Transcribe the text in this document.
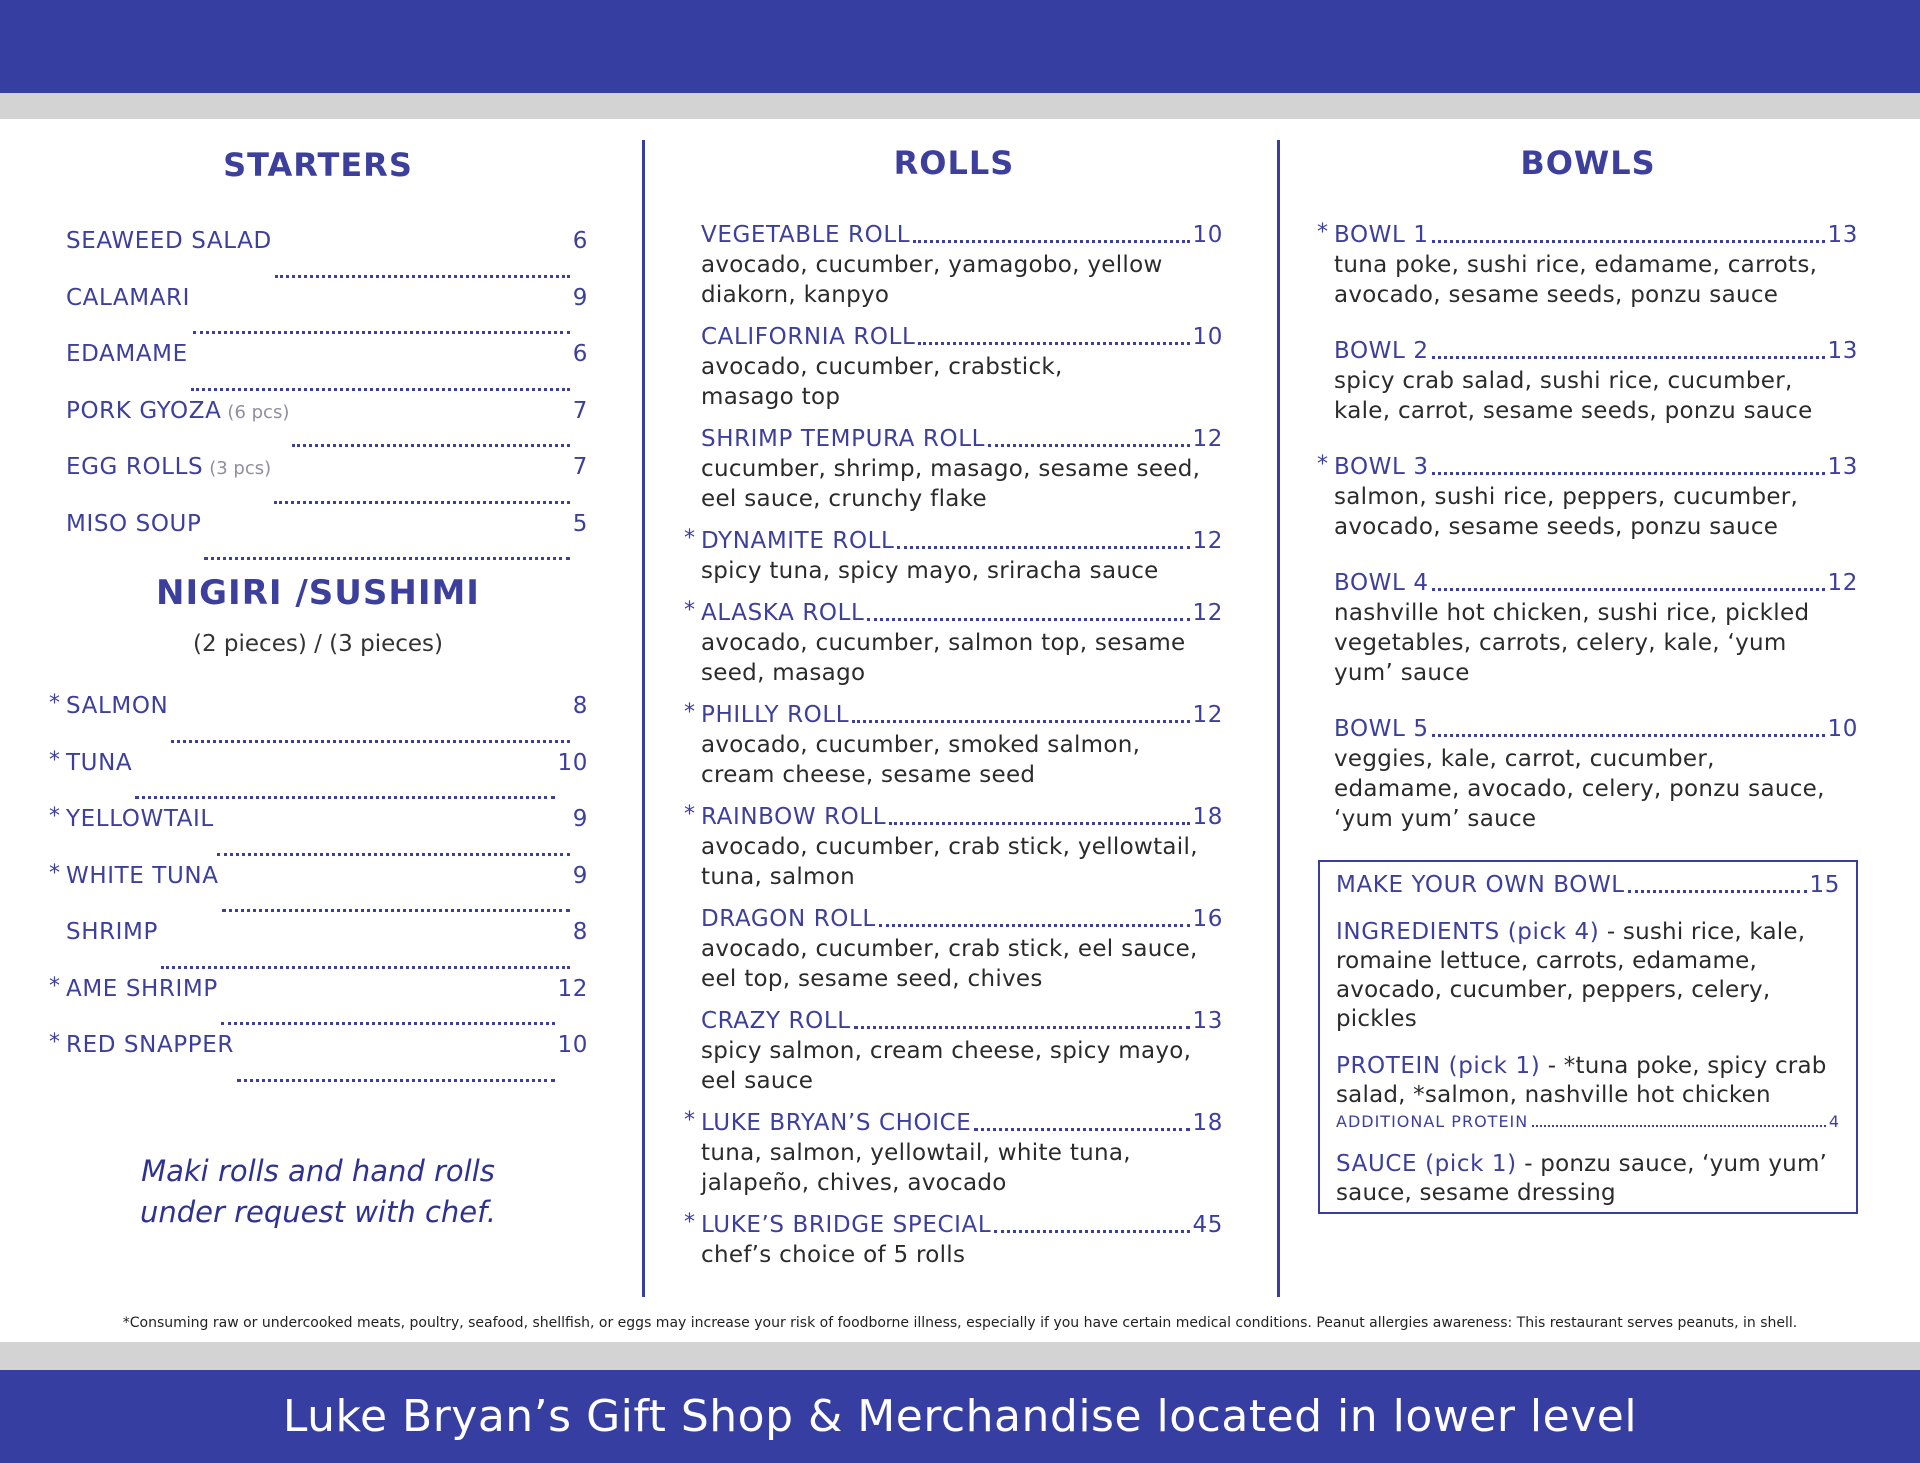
STARTERS
SEAWEED SALAD	6
CALAMARI	9
EDAMAME	6
PORK GYOZA (6 pcs)	7
EGG ROLLS (3 pcs)	7
MISO SOUP	5
NIGIRI /SUSHIMI
(2 pieces) / (3 pieces)
* SALMON	8
* TUNA	10
* YELLOWTAIL	9
* WHITE TUNA	9
SHRIMP	8
* AME SHRIMP	12
* RED SNAPPER	10
Maki rolls and hand rolls
under request with chef.
ROLLS
VEGETABLE ROLL	10
avocado, cucumber, yamagobo, yellow
diakorn, kanpyo
CALIFORNIA ROLL	10
avocado, cucumber, crabstick,
masago top
SHRIMP TEMPURA ROLL	12
cucumber, shrimp, masago, sesame seed,
eel sauce, crunchy flake
* DYNAMITE ROLL	12
spicy tuna, spicy mayo, sriracha sauce
* ALASKA ROLL	12
avocado, cucumber, salmon top, sesame
seed, masago
* PHILLY ROLL	12
avocado, cucumber, smoked salmon,
cream cheese, sesame seed
* RAINBOW ROLL	18
avocado, cucumber, crab stick, yellowtail,
tuna, salmon
DRAGON ROLL	16
avocado, cucumber, crab stick, eel sauce,
eel top, sesame seed, chives
CRAZY ROLL	13
spicy salmon, cream cheese, spicy mayo,
eel sauce
* LUKE BRYAN’S CHOICE	18
tuna, salmon, yellowtail, white tuna,
jalapeño, chives, avocado
* LUKE’S BRIDGE SPECIAL	45
chef’s choice of 5 rolls
BOWLS
* BOWL 1	13
tuna poke, sushi rice, edamame, carrots,
avocado, sesame seeds, ponzu sauce
BOWL 2	13
spicy crab salad, sushi rice, cucumber,
kale, carrot, sesame seeds, ponzu sauce
* BOWL 3	13
salmon, sushi rice, peppers, cucumber,
avocado, sesame seeds, ponzu sauce
BOWL 4	12
nashville hot chicken, sushi rice, pickled
vegetables, carrots, celery, kale, ‘yum
yum’ sauce
BOWL 5	10
veggies, kale, carrot, cucumber,
edamame, avocado, celery, ponzu sauce,
‘yum yum’ sauce
MAKE YOUR OWN BOWL	15
INGREDIENTS (pick 4) - sushi rice, kale, romaine lettuce, carrots, edamame, avocado, cucumber, peppers, celery, pickles
PROTEIN (pick 1) - *tuna poke, spicy crab salad, *salmon, nashville hot chicken
ADDITIONAL PROTEIN	4
SAUCE (pick 1) - ponzu sauce, ‘yum yum’ sauce, sesame dressing
*Consuming raw or undercooked meats, poultry, seafood, shellfish, or eggs may increase your risk of foodborne illness, especially if you have certain medical conditions. Peanut allergies awareness: This restaurant serves peanuts, in shell.
Luke Bryan’s Gift Shop & Merchandise located in lower level
